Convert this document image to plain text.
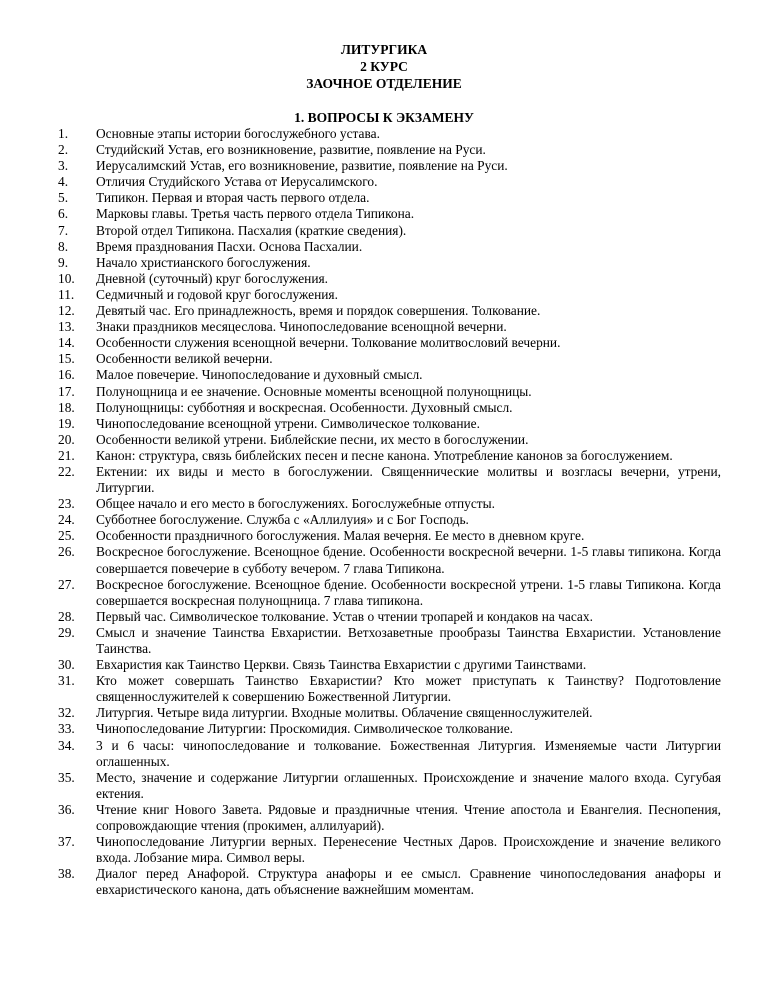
ЛИТУРГИКА
2 КУРС
ЗАОЧНОЕ ОТДЕЛЕНИЕ
1. ВОПРОСЫ К ЭКЗАМЕНУ
1.	Основные этапы истории богослужебного устава.
2.	Студийский Устав, его возникновение, развитие, появление на Руси.
3.	Иерусалимский Устав, его возникновение, развитие, появление на Руси.
4.	Отличия Студийского Устава от Иерусалимского.
5.	Типикон. Первая и вторая часть первого отдела.
6.	Марковы главы. Третья часть первого отдела Типикона.
7.	Второй отдел Типикона. Пасхалия (краткие сведения).
8.	Время празднования Пасхи. Основа Пасхалии.
9.	Начало христианского богослужения.
10.	Дневной (суточный) круг богослужения.
11.	Седмичный и годовой круг богослужения.
12.	Девятый час. Его принадлежность, время и порядок совершения. Толкование.
13.	Знаки праздников месяцеслова. Чинопоследование всенощной вечерни.
14.	Особенности служения всенощной вечерни. Толкование молитвословий вечерни.
15.	Особенности великой вечерни.
16.	Малое повечерие. Чинопоследование и духовный смысл.
17.	Полунощница и ее значение. Основные моменты всенощной полунощницы.
18.	Полунощницы: субботняя и воскресная. Особенности. Духовный смысл.
19.	Чинопоследование всенощной утрени. Символическое толкование.
20.	Особенности великой утрени. Библейские песни, их место в богослужении.
21.	Канон: структура, связь библейских песен и песне канона. Употребление канонов за богослужением.
22.	Ектении: их виды и место в богослужении. Священнические молитвы и возгласы вечерни, утрени, Литургии.
23.	Общее начало и его место в богослужениях. Богослужебные отпусты.
24.	Субботнее богослужение. Служба с «Аллилуия» и с Бог Господь.
25.	Особенности праздничного богослужения. Малая вечерня. Ее место в дневном круге.
26.	Воскресное богослужение. Всенощное бдение. Особенности воскресной вечерни. 1-5 главы типикона. Когда совершается повечерие в субботу вечером. 7 глава Типикона.
27.	Воскресное богослужение. Всенощное бдение. Особенности воскресной утрени. 1-5 главы Типикона. Когда совершается воскресная полунощница. 7 глава типикона.
28.	Первый час. Символическое толкование. Устав о чтении тропарей и кондаков на часах.
29.	Смысл и значение Таинства Евхаристии. Ветхозаветные прообразы Таинства Евхаристии. Установление Таинства.
30.	Евхаристия как Таинство Церкви. Связь Таинства Евхаристии с другими Таинствами.
31.	Кто может совершать Таинство Евхаристии? Кто может приступать к Таинству? Подготовление священнослужителей к совершению Божественной Литургии.
32.	Литургия. Четыре вида литургии. Входные молитвы. Облачение священнослужителей.
33.	Чинопоследование Литургии: Проскомидия. Символическое толкование.
34.	3 и 6 часы: чинопоследование и толкование. Божественная Литургия. Изменяемые части Литургии оглашенных.
35.	Место, значение и содержание Литургии оглашенных. Происхождение и значение малого входа. Сугубая ектения.
36.	Чтение книг Нового Завета. Рядовые и праздничные чтения. Чтение апостола и Евангелия. Песнопения, сопровождающие чтения (прокимен, аллилуарий).
37.	Чинопоследование Литургии верных. Перенесение Честных Даров. Происхождение и значение великого входа. Лобзание мира. Символ веры.
38.	Диалог перед Анафорой. Структура анафоры и ее смысл. Сравнение чинопоследования анафоры и евхаристического канона, дать объяснение важнейшим моментам.
